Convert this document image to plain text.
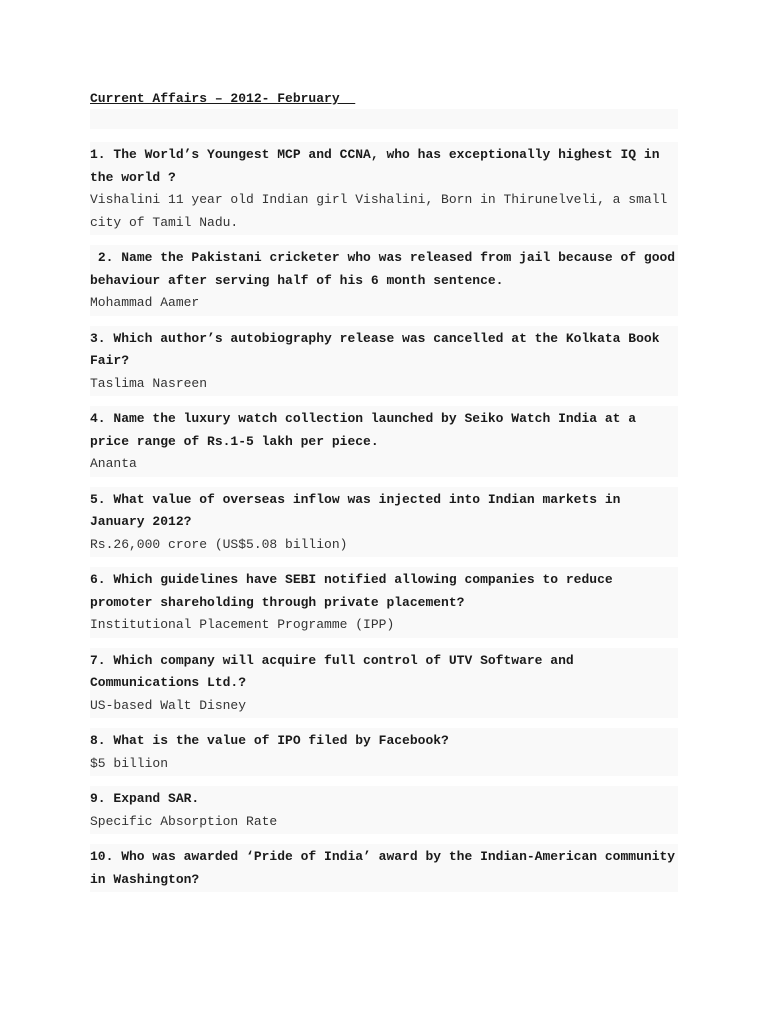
Current Affairs – 2012- February
1. The World’s Youngest MCP and CCNA, who has exceptionally highest IQ in the world ?
Vishalini 11 year old Indian girl Vishalini, Born in Thirunelveli, a small city of Tamil Nadu.
2. Name the Pakistani cricketer who was released from jail because of good behaviour after serving half of his 6 month sentence.
Mohammad Aamer
3. Which author’s autobiography release was cancelled at the Kolkata Book Fair?
Taslima Nasreen
4. Name the luxury watch collection launched by Seiko Watch India at a price range of Rs.1-5 lakh per piece.
Ananta
5. What value of overseas inflow was injected into Indian markets in January 2012?
Rs.26,000 crore (US$5.08 billion)
6. Which guidelines have SEBI notified allowing companies to reduce promoter shareholding through private placement?
Institutional Placement Programme (IPP)
7. Which company will acquire full control of UTV Software and Communications Ltd.?
US-based Walt Disney
8. What is the value of IPO filed by Facebook?
$5 billion
9. Expand SAR.
Specific Absorption Rate
10. Who was awarded ‘Pride of India’ award by the Indian-American community in Washington?
